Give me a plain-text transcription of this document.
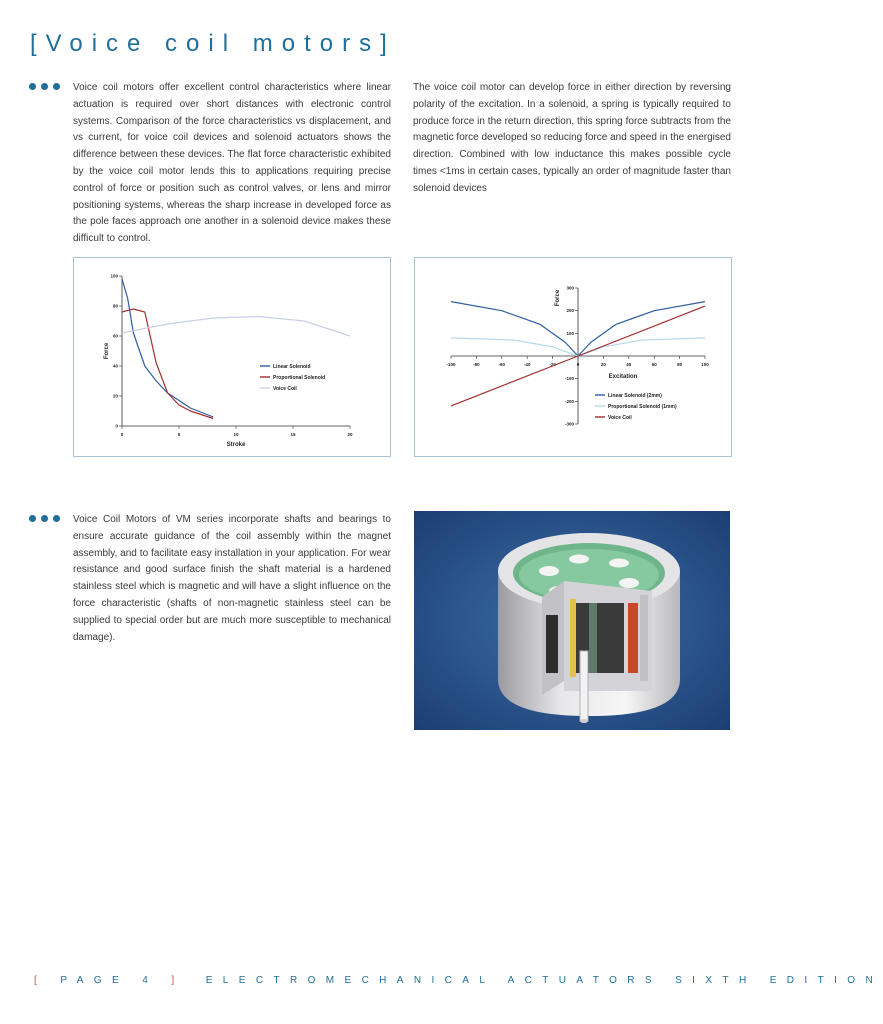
[Voice coil motors]

Voice coil motors offer excellent control characteristics where linear actuation is required over short distances with electronic control systems. Comparison of the force characteristics vs displacement, and vs current, for voice coil devices and solenoid actuators shows the difference between these devices. The flat force characteristic exhibited by the voice coil motor lends this to applications requiring precise control of force or position such as control valves, or lens and mirror positioning systems, whereas the sharp increase in developed force as the pole faces approach one another in a solenoid device makes these difficult to control.

The voice coil motor can develop force in either direction by reversing polarity of the excitation. In a solenoid, a spring is typically required to produce force in the return direction, this spring force subtracts from the magnetic force developed so reducing force and speed in the energised direction. Combined with low inductance this makes possible cycle times <1ms in certain cases, typically an order of magnitude faster than solenoid devices

0	5	10	15	20
0
20
40
60
80
100
Stroke
Force
Linear Solenoid
Proportional Solenoid
Voice Coil
-100	-80	-60	-40	-20	0	20	40	60	80	100
-300
-200
-100
100
200
300
Excitation
Force
Linear Solenoid (2mm)
Proportional Solenoid (1mm)
Voice Coil

Voice Coil Motors of VM series incorporate shafts and bearings to ensure accurate guidance of the coil assembly within the magnet assembly, and to facilitate easy installation in your application. For wear resistance and good surface finish the shaft material is a hardened stainless steel which is magnetic and will have a slight influence on the force characteristic (shafts of non-magnetic stainless steel can be supplied to special order but are much more susceptible to mechanical damage).

[ PAGE 4 ] ELECTROMECHANICAL ACTUATORS SIXTH EDITION
